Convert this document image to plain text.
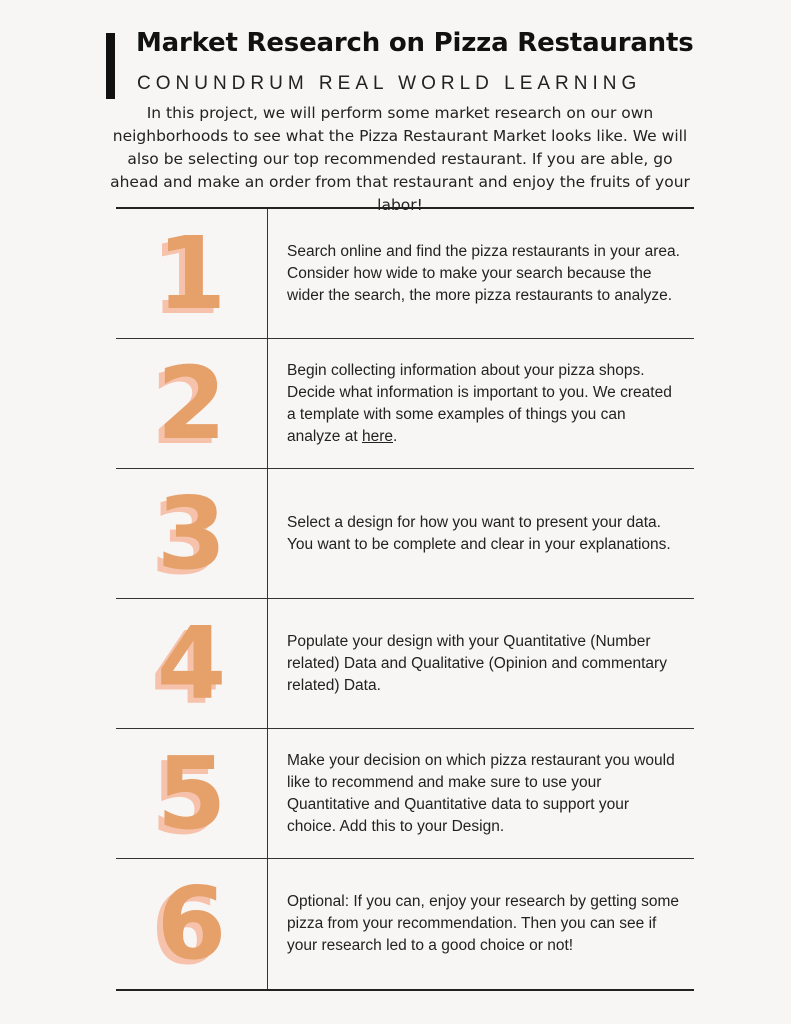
Market Research on Pizza Restaurants
CONUNDRUM REAL WORLD LEARNING

In this project, we will perform some market research on our own neighborhoods to see what the Pizza Restaurant Market looks like. We will also be selecting our top recommended restaurant. If you are able, go ahead and make an order from that restaurant and enjoy the fruits of your labor!

1	Search online and find the pizza restaurants in your area. Consider how wide to make your search because the wider the search, the more pizza restaurants to analyze.

2	Begin collecting information about your pizza shops. Decide what information is important to you. We created a template with some examples of things you can analyze at here.

3	Select a design for how you want to present your data. You want to be complete and clear in your explanations.

4	Populate your design with your Quantitative (Number related) Data and Qualitative (Opinion and commentary related) Data.

5	Make your decision on which pizza restaurant you would like to recommend and make sure to use your Quantitative and Quantitative data to support your choice. Add this to your Design.

6	Optional: If you can, enjoy your research by getting some pizza from your recommendation. Then you can see if your research led to a good choice or not!
